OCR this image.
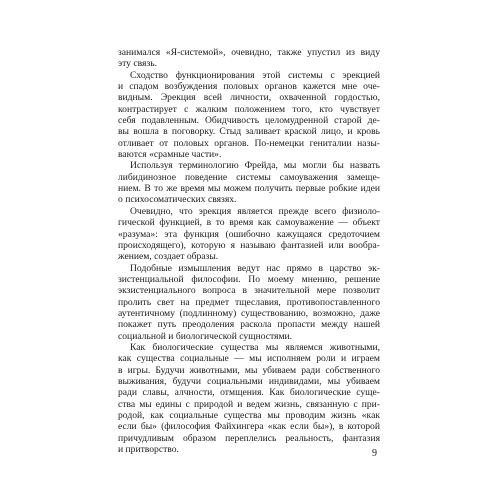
занимался «Я-системой», очевидно, также упустил из виду
эту связь.
Сходство функционирования этой системы с эрекцией
и спадом возбуждения половых органов кажется мне оче-
видным. Эрекция всей личности, охваченной гордостью,
контрастирует с жалким положением того, кто чувствует
себя подавленным. Обидчивость целомудренной старой де-
вы вошла в поговорку. Стыд заливает краской лицо, и кровь
отливает от половых органов. По-немецки гениталии назы-
ваются «срамные части».
Используя терминологию Фрейда, мы могли бы назвать
либидинозное поведение системы самоуважения замеще-
нием. В то же время мы можем получить первые робкие идеи
о психосоматических связях.
Очевидно, что эрекция является прежде всего физиоло-
гической функцией, в то время как самоуважение — объект
«разума»: эта функция (ошибочно кажущаяся средоточием
происходящего), которую я называю фантазией или вообра-
жением, создает образы.
Подобные измышления ведут нас прямо в царство эк-
зистенциальной философии. По моему мнению, решение
экзистенциального вопроса в значительной мере позволит
пролить свет на предмет тщеславия, противопоставленного
аутентичному (подлинному) существованию, возможно, даже
покажет путь преодоления раскола пропасти между нашей
социальной и биологической сущностями.
Как биологические существа мы являемся животными,
как существа социальные — мы исполняем роли и играем
в игры. Будучи животными, мы убиваем ради собственного
выживания, будучи социальными индивидами, мы убиваем
ради славы, алчности, отмщения. Как биологические суще-
ства мы едины с природой и ведем жизнь, связанную с при-
родой, как социальные существа мы проводим жизнь «как
если бы» (философия Файхингера «как если бы»), в которой
причудливым образом переплелись реальность, фантазия
и притворство.	9
